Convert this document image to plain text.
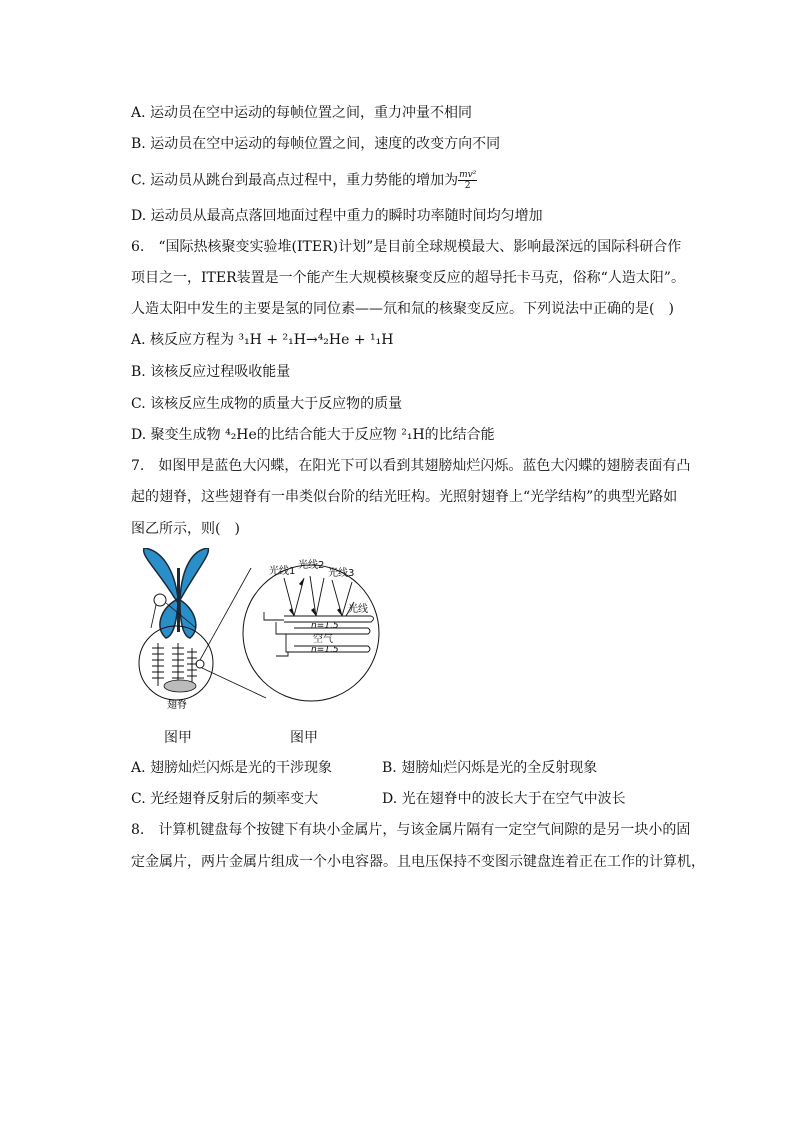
A. 运动员在空中运动的每帧位置之间，重力冲量不相同
B. 运动员在空中运动的每帧位置之间，速度的改变方向不同
C. 运动员从跳台到最高点过程中，重力势能的增加为 $\frac{\text{mv²}}{2}$
D. 运动员从最高点落回地面过程中重力的瞬时功率随时间均匀增加
6.　“国际热核聚变实验堆(ITER)计划”是目前全球规模最大、影响最深远的国际科研合作
项目之一，ITER装置是一个能产生大规模核聚变反应的超导托卡马克，俗称“人造太阳”。
人造太阳中发生的主要是氢的同位素——氘和氚的核聚变反应。下列说法中正确的是(　)
A. 核反应方程为 ³₁H + ²₁H→⁴₂He + ¹₁H
B. 该核反应过程吸收能量
C. 该核反应生成物的质量大于反应物的质量
D. 聚变生成物 ⁴₂He的比结合能大于反应物 ²₁H的比结合能
7.　如图甲是蓝色大闪蝶，在阳光下可以看到其翅膀灿烂闪烁。蓝色大闪蝶的翅膀表面有凸
起的翅脊，这些翅脊有一串类似台阶的结光旺构。光照射翅脊上“光学结构”的典型光路如
图乙所示，则(　)
翅脊
光线1
光线2
光线3
光线
n=1.5
空气
n=1.5
图甲	图甲
A. 翅膀灿烂闪烁是光的干涉现象	B. 翅膀灿烂闪烁是光的全反射现象
C. 光经翅脊反射后的频率变大	D. 光在翅脊中的波长大于在空气中波长
8.　计算机键盘每个按键下有块小金属片，与该金属片隔有一定空气间隙的是另一块小的固
定金属片，两片金属片组成一个小电容器。且电压保持不变图示键盘连着正在工作的计算机，
